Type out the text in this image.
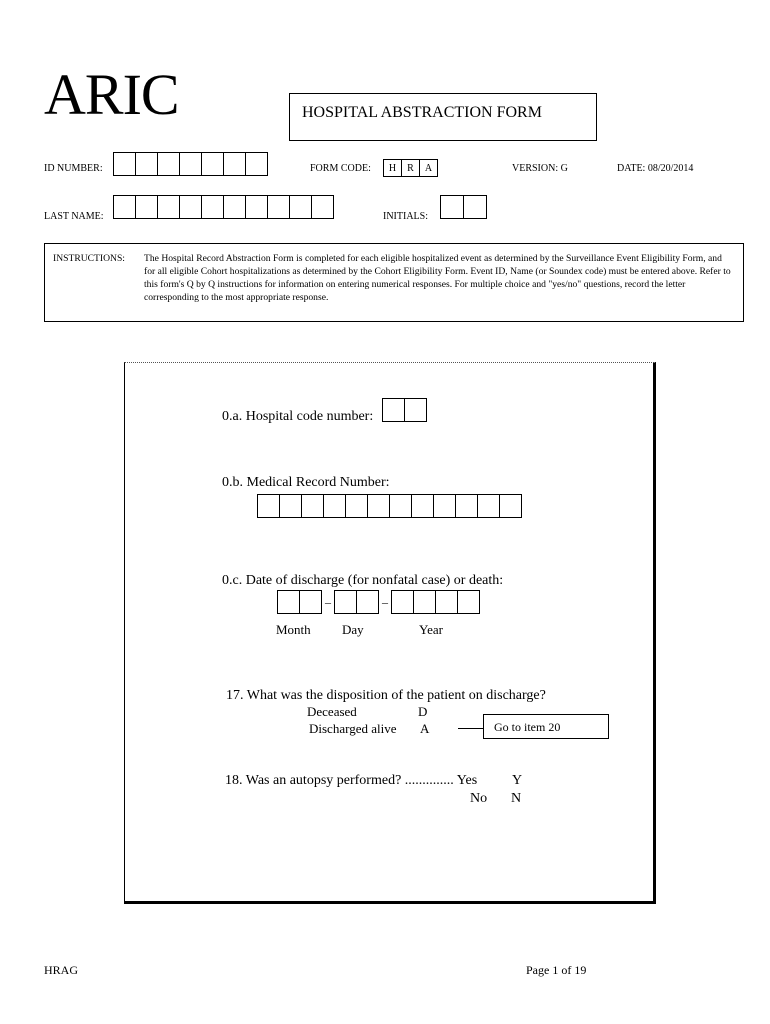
ARIC	HOSPITAL ABSTRACTION FORM
ID NUMBER:	FORM CODE:	H	R	A	VERSION: G	DATE: 08/20/2014
LAST NAME:	INITIALS:
INSTRUCTIONS: The Hospital Record Abstraction Form is completed for each eligible hospitalized event as determined by the Surveillance Event Eligibility Form, and for all eligible Cohort hospitalizations as determined by the Cohort Eligibility Form. Event ID, Name (or Soundex code) must be entered above. Refer to this form's Q by Q instructions for information on entering numerical responses. For multiple choice and "yes/no" questions, record the letter corresponding to the most appropriate response.
0.a. Hospital code number:
0.b. Medical Record Number:
0.c. Date of discharge (for nonfatal case) or death:
–	–
Month Day	Year
17. What was the disposition of the patient on discharge?
Deceased	D
Discharged alive A	Go to item 20
18. Was an autopsy performed? .............. Yes Y
No N
HRAG	Page 1 of 19
